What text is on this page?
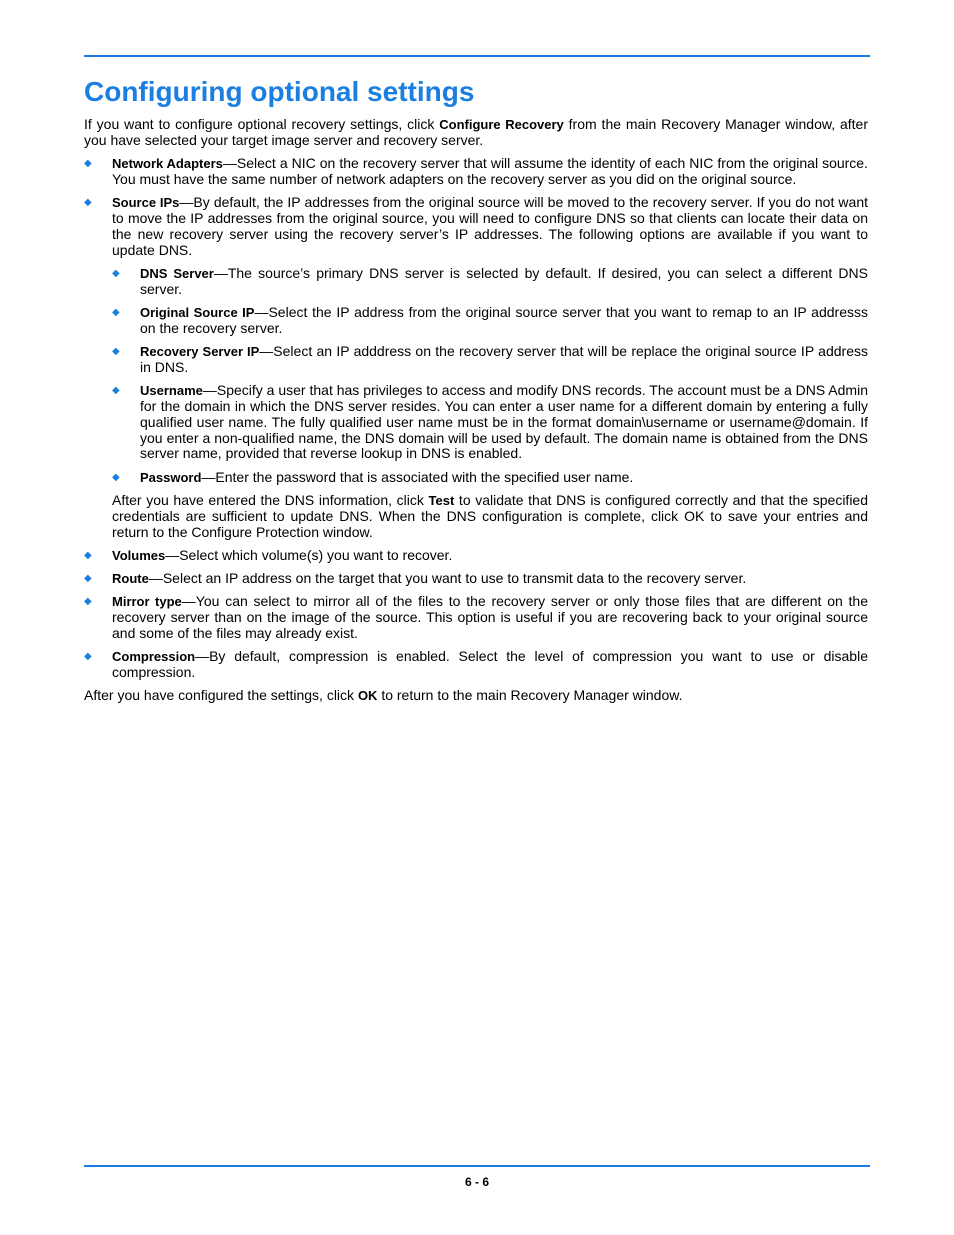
Configuring optional settings

If you want to configure optional recovery settings, click Configure Recovery from the main Recovery Manager window, after you have selected your target image server and recovery server.

◆ Network Adapters—Select a NIC on the recovery server that will assume the identity of each NIC from the original source. You must have the same number of network adapters on the recovery server as you did on the original source.
◆ Source IPs—By default, the IP addresses from the original source will be moved to the recovery server. If you do not want to move the IP addresses from the original source, you will need to configure DNS so that clients can locate their data on the new recovery server using the recovery server’s IP addresses. The following options are available if you want to update DNS.
◆ DNS Server—The source’s primary DNS server is selected by default. If desired, you can select a different DNS server.
◆ Original Source IP—Select the IP address from the original source server that you want to remap to an IP addresss on the recovery server.
◆ Recovery Server IP—Select an IP adddress on the recovery server that will be replace the original source IP address in DNS.
◆ Username—Specify a user that has privileges to access and modify DNS records. The account must be a DNS Admin for the domain in which the DNS server resides. You can enter a user name for a different domain by entering a fully qualified user name. The fully qualified user name must be in the format domain\username or username@domain. If you enter a non-qualified name, the DNS domain will be used by default. The domain name is obtained from the DNS server name, provided that reverse lookup in DNS is enabled.
◆ Password—Enter the password that is associated with the specified user name.

After you have entered the DNS information, click Test to validate that DNS is configured correctly and that the specified credentials are sufficient to update DNS. When the DNS configuration is complete, click OK to save your entries and return to the Configure Protection window.

◆ Volumes—Select which volume(s) you want to recover.
◆ Route—Select an IP address on the target that you want to use to transmit data to the recovery server.
◆ Mirror type—You can select to mirror all of the files to the recovery server or only those files that are different on the recovery server than on the image of the source. This option is useful if you are recovering back to your original source and some of the files may already exist.
◆ Compression—By default, compression is enabled. Select the level of compression you want to use or disable compression.

After you have configured the settings, click OK to return to the main Recovery Manager window.

6 - 6
